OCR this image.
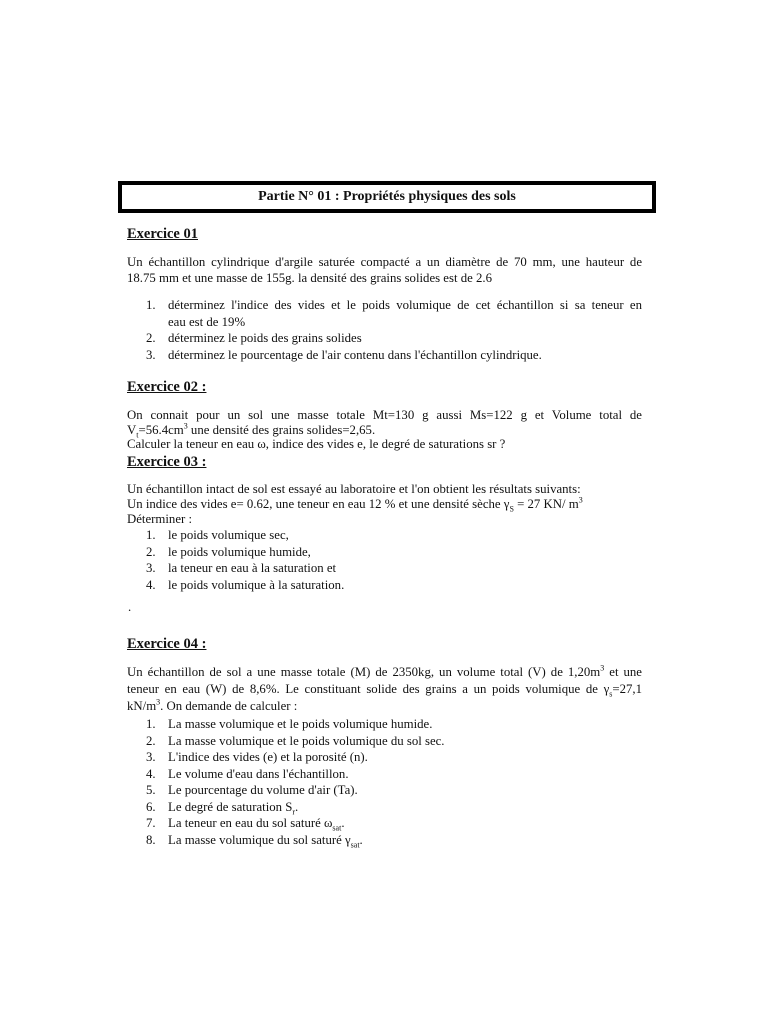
Partie N° 01 : Propriétés physiques des sols
Exercice 01
Un échantillon cylindrique d'argile saturée compacté a un diamètre de 70 mm, une hauteur de
18.75 mm et une masse de 155g. la densité des grains solides est de 2.6
1. déterminez l'indice des vides et le poids volumique de cet échantillon si sa teneur en
eau est de 19%
2. déterminez le poids des grains solides
3. déterminez le pourcentage de l'air contenu dans l'échantillon cylindrique.
Exercice 02 :
On connait pour un sol une masse totale Mt=130 g aussi Ms=122 g et Volume total de
$V_t=56.4cm^3$ une densité des grains solides=2,65.
Calculer la teneur en eau ω, indice des vides e, le degré de saturations sr ?
Exercice 03 :
Un échantillon intact de sol est essayé au laboratoire et l'on obtient les résultats suivants:
Un indice des vides e= 0.62, une teneur en eau 12 % et une densité sèche $\gamma_S = 27$ KN/ $m^3$
Déterminer :
1. le poids volumique sec,
2. le poids volumique humide,
3. la teneur en eau à la saturation et
4. le poids volumique à la saturation.
.
Exercice 04 :
Un échantillon de sol a une masse totale (M) de 2350kg, un volume total (V) de $1,20m^3$ et une
teneur en eau (W) de 8,6%. Le constituant solide des grains a un poids volumique de $\gamma_s=27,1$
$kN/m^3$. On demande de calculer :
1. La masse volumique et le poids volumique humide.
2. La masse volumique et le poids volumique du sol sec.
3. L'indice des vides (e) et la porosité (n).
4. Le volume d'eau dans l'échantillon.
5. Le pourcentage du volume d'air (Ta).
6. Le degré de saturation $S_r$.
7. La teneur en eau du sol saturé $\omega_{sat}$.
8. La masse volumique du sol saturé $\gamma_{sat}$.
